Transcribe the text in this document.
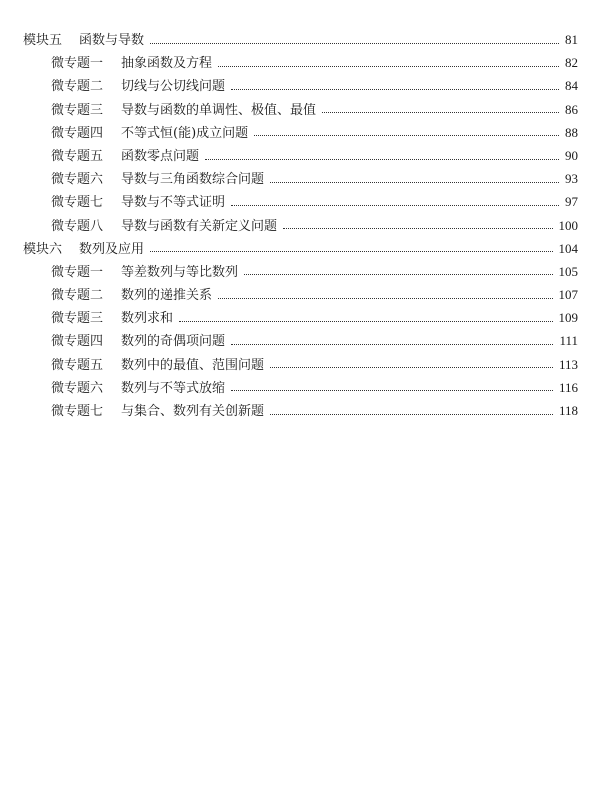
模块五	函数与导数	81
微专题一	抽象函数及方程	82
微专题二	切线与公切线问题	84
微专题三	导数与函数的单调性、极值、最值	86
微专题四	不等式恒(能)成立问题	88
微专题五	函数零点问题	90
微专题六	导数与三角函数综合问题	93
微专题七	导数与不等式证明	97
微专题八	导数与函数有关新定义问题	100
模块六	数列及应用	104
微专题一	等差数列与等比数列	105
微专题二	数列的递推关系	107
微专题三	数列求和	109
微专题四	数列的奇偶项问题	111
微专题五	数列中的最值、范围问题	113
微专题六	数列与不等式放缩	116
微专题七	与集合、数列有关创新题	118
